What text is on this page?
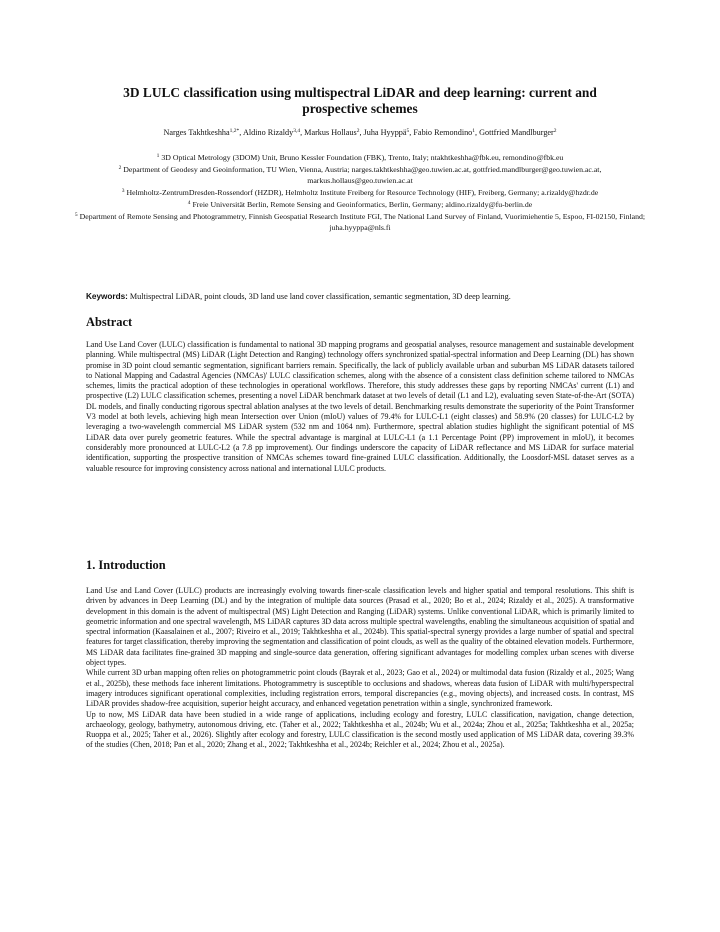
3D LULC classification using multispectral LiDAR and deep learning: current and prospective schemes
Narges Takhtkeshha$^{1,2*}$, Aldino Rizaldy$^{3,4}$, Markus Hollaus$^2$, Juha Hyyppä$^5$, Fabio Remondino$^1$, Gottfried Mandlburger$^2$

$^1$ 3D Optical Metrology (3DOM) Unit, Bruno Kessler Foundation (FBK), Trento, Italy; ntakhtkeshha@fbk.eu, remondino@fbk.eu

$^2$ Department of Geodesy and Geoinformation, TU Wien, Vienna, Austria; narges.takhtkeshha@geo.tuwien.ac.at, gottfried.mandlburger@geo.tuwien.ac.at, markus.hollaus@geo.tuwien.ac.at

$^3$ Helmholtz-ZentrumDresden-Rossendorf (HZDR), Helmholtz Institute Freiberg for Resource Technology (HIF), Freiberg, Germany; a.rizaldy@hzdr.de

$^4$ Freie Universität Berlin, Remote Sensing and Geoinformatics, Berlin, Germany; aldino.rizaldy@fu-berlin.de

$^5$ Department of Remote Sensing and Photogrammetry, Finnish Geospatial Research Institute FGI, The National Land Survey of Finland, Vuorimiehentie 5, Espoo, FI-02150, Finland; juha.hyyppa@nls.fi

Keywords: Multispectral LiDAR, point clouds, 3D land use land cover classification, semantic segmentation, 3D deep learning.
Abstract

Land Use Land Cover (LULC) classification is fundamental to national 3D mapping programs and geospatial analyses, resource management and sustainable development planning. While multispectral (MS) LiDAR (Light Detection and Ranging) technology offers synchronized spatial-spectral information and Deep Learning (DL) has shown promise in 3D point cloud semantic segmentation, significant barriers remain. Specifically, the lack of publicly available urban and suburban MS LiDAR datasets tailored to National Mapping and Cadastral Agencies (NMCAs)' LULC classification schemes, along with the absence of a consistent class definition scheme tailored to NMCAs schemes, limits the practical adoption of these technologies in operational workflows. Therefore, this study addresses these gaps by reporting NMCAs' current (L1) and prospective (L2) LULC classification schemes, presenting a novel LiDAR benchmark dataset at two levels of detail (L1 and L2), evaluating seven State-of-the-Art (SOTA) DL models, and finally conducting rigorous spectral ablation analyses at the two levels of detail. Benchmarking results demonstrate the superiority of the Point Transformer V3 model at both levels, achieving high mean Intersection over Union (mIoU) values of 79.4% for LULC-L1 (eight classes) and 58.9% (20 classes) for LULC-L2 by leveraging a two-wavelength commercial MS LiDAR system (532 nm and 1064 nm). Furthermore, spectral ablation studies highlight the significant potential of MS LiDAR data over purely geometric features. While the spectral advantage is marginal at LULC-L1 (a 1.1 Percentage Point (PP) improvement in mIoU), it becomes considerably more pronounced at LULC-L2 (a 7.8 pp improvement). Our findings underscore the capacity of LiDAR reflectance and MS LiDAR for surface material identification, supporting the prospective transition of NMCAs schemes toward fine-grained LULC classification. Additionally, the Loosdorf-MSL dataset serves as a valuable resource for improving consistency across national and international LULC products.

1. Introduction

Land Use and Land Cover (LULC) products are increasingly evolving towards finer-scale classification levels and higher spatial and temporal resolutions. This shift is driven by advances in Deep Learning (DL) and by the integration of multiple data sources (Prasad et al., 2020; Bo et al., 2024; Rizaldy et al., 2025). A transformative development in this domain is the advent of multispectral (MS) Light Detection and Ranging (LiDAR) systems. Unlike conventional LiDAR, which is primarily limited to geometric information and one spectral wavelength, MS LiDAR captures 3D data across multiple spectral wavelengths, enabling the simultaneous acquisition of spatial and spectral information (Kaasalainen et al., 2007; Riveiro et al., 2019; Takhtkeshha et al., 2024b). This spatial-spectral synergy provides a large number of spatial and spectral features for target classification, thereby improving the segmentation and classification of point clouds, as well as the quality of the obtained elevation models. Furthermore, MS LiDAR data facilitates fine-grained 3D mapping and single-source data generation, offering significant advantages for modelling complex urban scenes with diverse object types.

While current 3D urban mapping often relies on photogrammetric point clouds (Bayrak et al., 2023; Gao et al., 2024) or multimodal data fusion (Rizaldy et al., 2025; Wang et al., 2025b), these methods face inherent limitations. Photogrammetry is susceptible to occlusions and shadows, whereas data fusion of LiDAR with multi/hyperspectral imagery introduces significant operational complexities, including registration errors, temporal discrepancies (e.g., moving objects), and increased costs. In contrast, MS LiDAR provides shadow-free acquisition, superior height accuracy, and enhanced vegetation penetration within a single, synchronized framework.

Up to now, MS LiDAR data have been studied in a wide range of applications, including ecology and forestry, LULC classification, navigation, change detection, archaeology, geology, bathymetry, autonomous driving, etc. (Taher et al., 2022; Takhtkeshha et al., 2024b; Wu et al., 2024a; Zhou et al., 2025a; Takhtkeshha et al., 2025a; Ruoppa et al., 2025; Taher et al., 2026). Slightly after ecology and forestry, LULC classification is the second mostly used application of MS LiDAR data, covering 39.3% of the studies (Chen, 2018; Pan et al., 2020; Zhang et al., 2022; Takhtkeshha et al., 2024b; Reichler et al., 2024; Zhou et al., 2025a).
